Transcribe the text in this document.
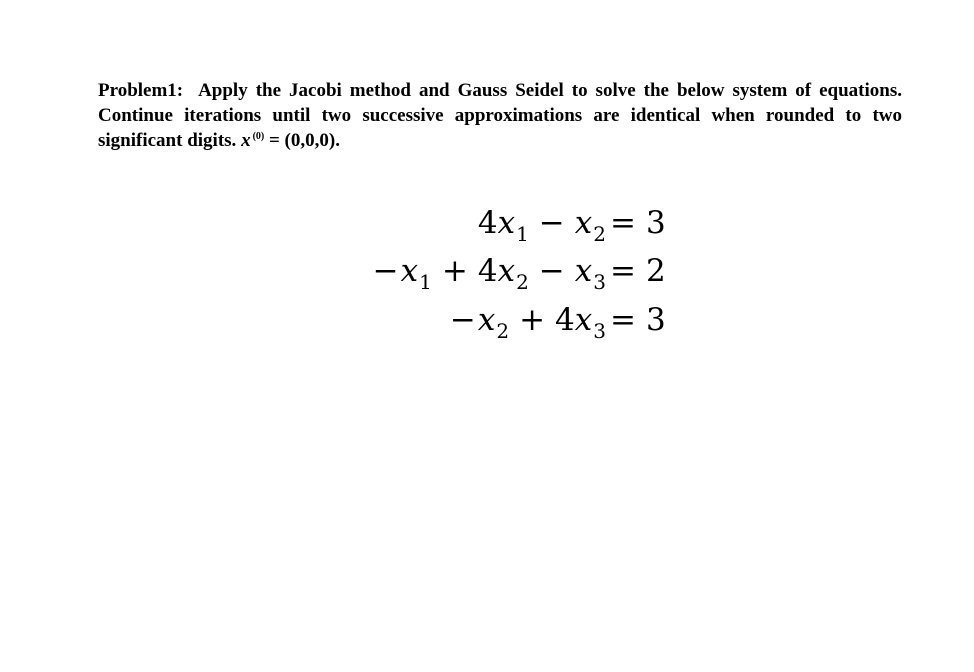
Problem1: Apply the Jacobi method and Gauss Seidel to solve the below system of equations. Continue iterations until two successive approximations are identical when rounded to two significant digits. x $^{(0)}$ = (0,0,0).
$4x_1 - x_2 = 3$
$-x_1 + 4x_2 - x_3 = 2$
$-x_2 + 4x_3 = 3$
